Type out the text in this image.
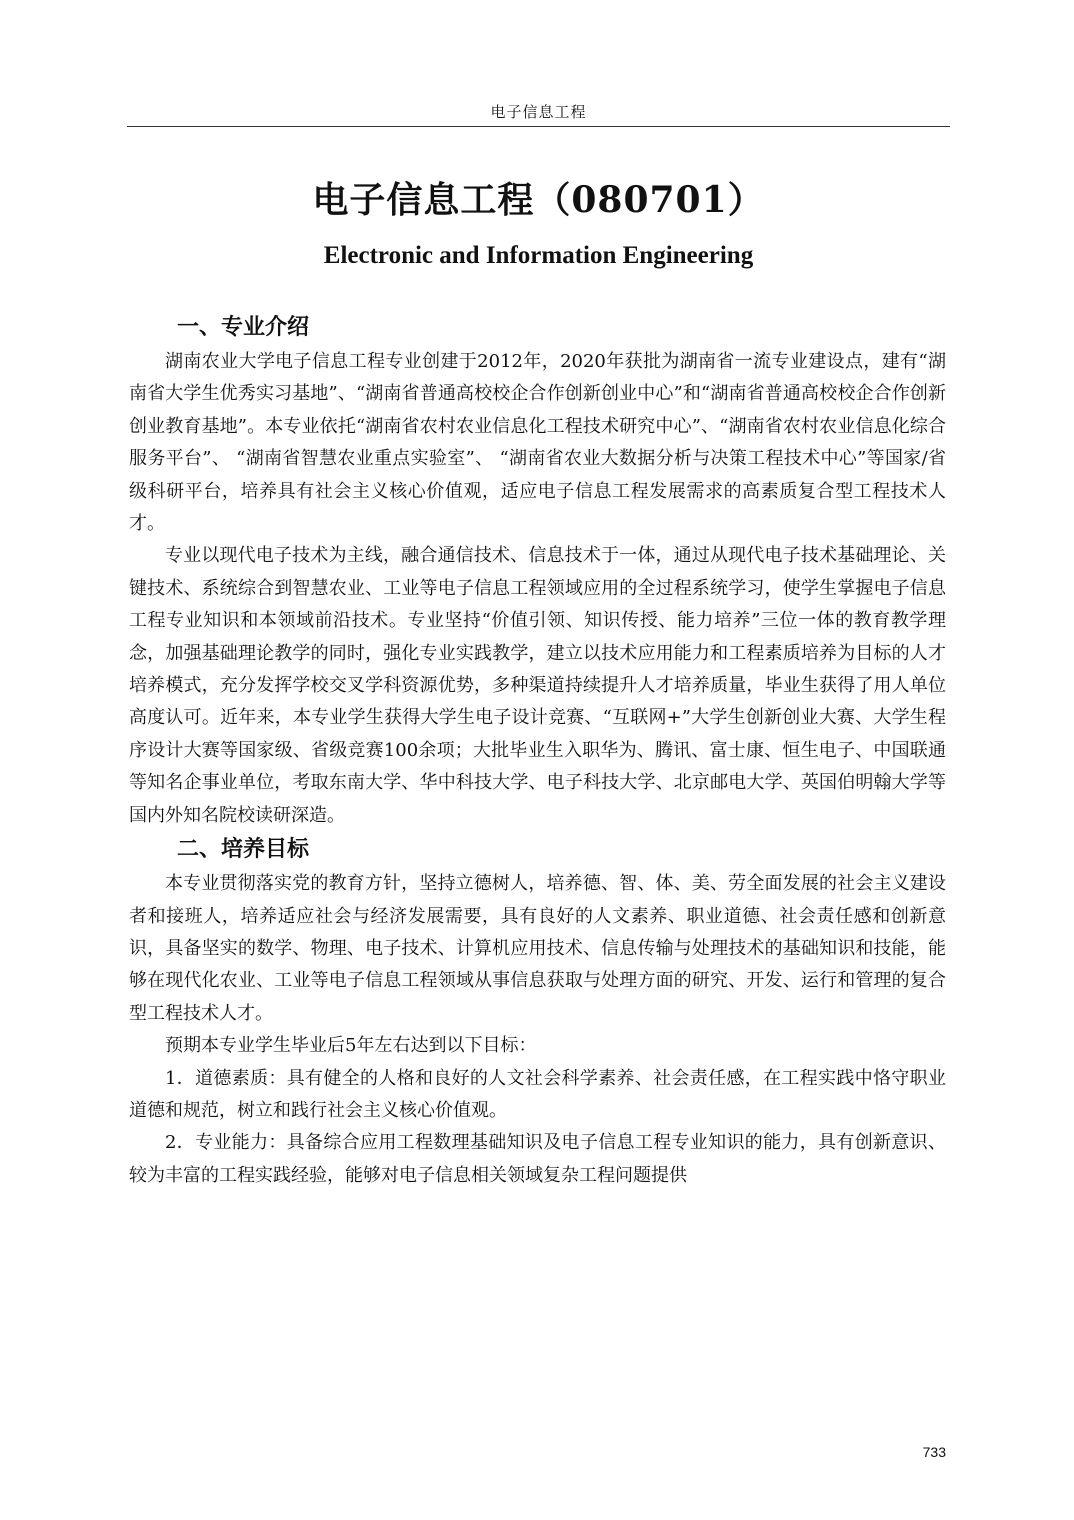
电子信息工程
电子信息工程（080701）
Electronic and Information Engineering
一、专业介绍

湖南农业大学电子信息工程专业创建于2012年，2020年获批为湖南省一流专业建设点，建有“湖南省大学生优秀实习基地”、“湖南省普通高校校企合作创新创业中心”和“湖南省普通高校校企合作创新创业教育基地”。本专业依托“湖南省农村农业信息化工程技术研究中心”、“湖南省农村农业信息化综合服务平台”、 “湖南省智慧农业重点实验室”、 “湖南省农业大数据分析与决策工程技术中心”等国家/省级科研平台，培养具有社会主义核心价值观，适应电子信息工程发展需求的高素质复合型工程技术人才。

专业以现代电子技术为主线，融合通信技术、信息技术于一体，通过从现代电子技术基础理论、关键技术、系统综合到智慧农业、工业等电子信息工程领域应用的全过程系统学习，使学生掌握电子信息工程专业知识和本领域前沿技术。专业坚持“价值引领、知识传授、能力培养”三位一体的教育教学理念，加强基础理论教学的同时，强化专业实践教学，建立以技术应用能力和工程素质培养为目标的人才培养模式，充分发挥学校交叉学科资源优势，多种渠道持续提升人才培养质量，毕业生获得了用人单位高度认可。近年来，本专业学生获得大学生电子设计竞赛、“互联网+”大学生创新创业大赛、大学生程序设计大赛等国家级、省级竞赛100余项；大批毕业生入职华为、腾讯、富士康、恒生电子、中国联通等知名企事业单位，考取东南大学、华中科技大学、电子科技大学、北京邮电大学、英国伯明翰大学等国内外知名院校读研深造。

二、培养目标

本专业贯彻落实党的教育方针，坚持立德树人，培养德、智、体、美、劳全面发展的社会主义建设者和接班人，培养适应社会与经济发展需要，具有良好的人文素养、职业道德、社会责任感和创新意识，具备坚实的数学、物理、电子技术、计算机应用技术、信息传输与处理技术的基础知识和技能，能够在现代化农业、工业等电子信息工程领域从事信息获取与处理方面的研究、开发、运行和管理的复合型工程技术人才。

预期本专业学生毕业后5年左右达到以下目标：

1．道德素质：具有健全的人格和良好的人文社会科学素养、社会责任感，在工程实践中恪守职业道德和规范，树立和践行社会主义核心价值观。

2．专业能力：具备综合应用工程数理基础知识及电子信息工程专业知识的能力，具有创新意识、较为丰富的工程实践经验，能够对电子信息相关领域复杂工程问题提供

733
